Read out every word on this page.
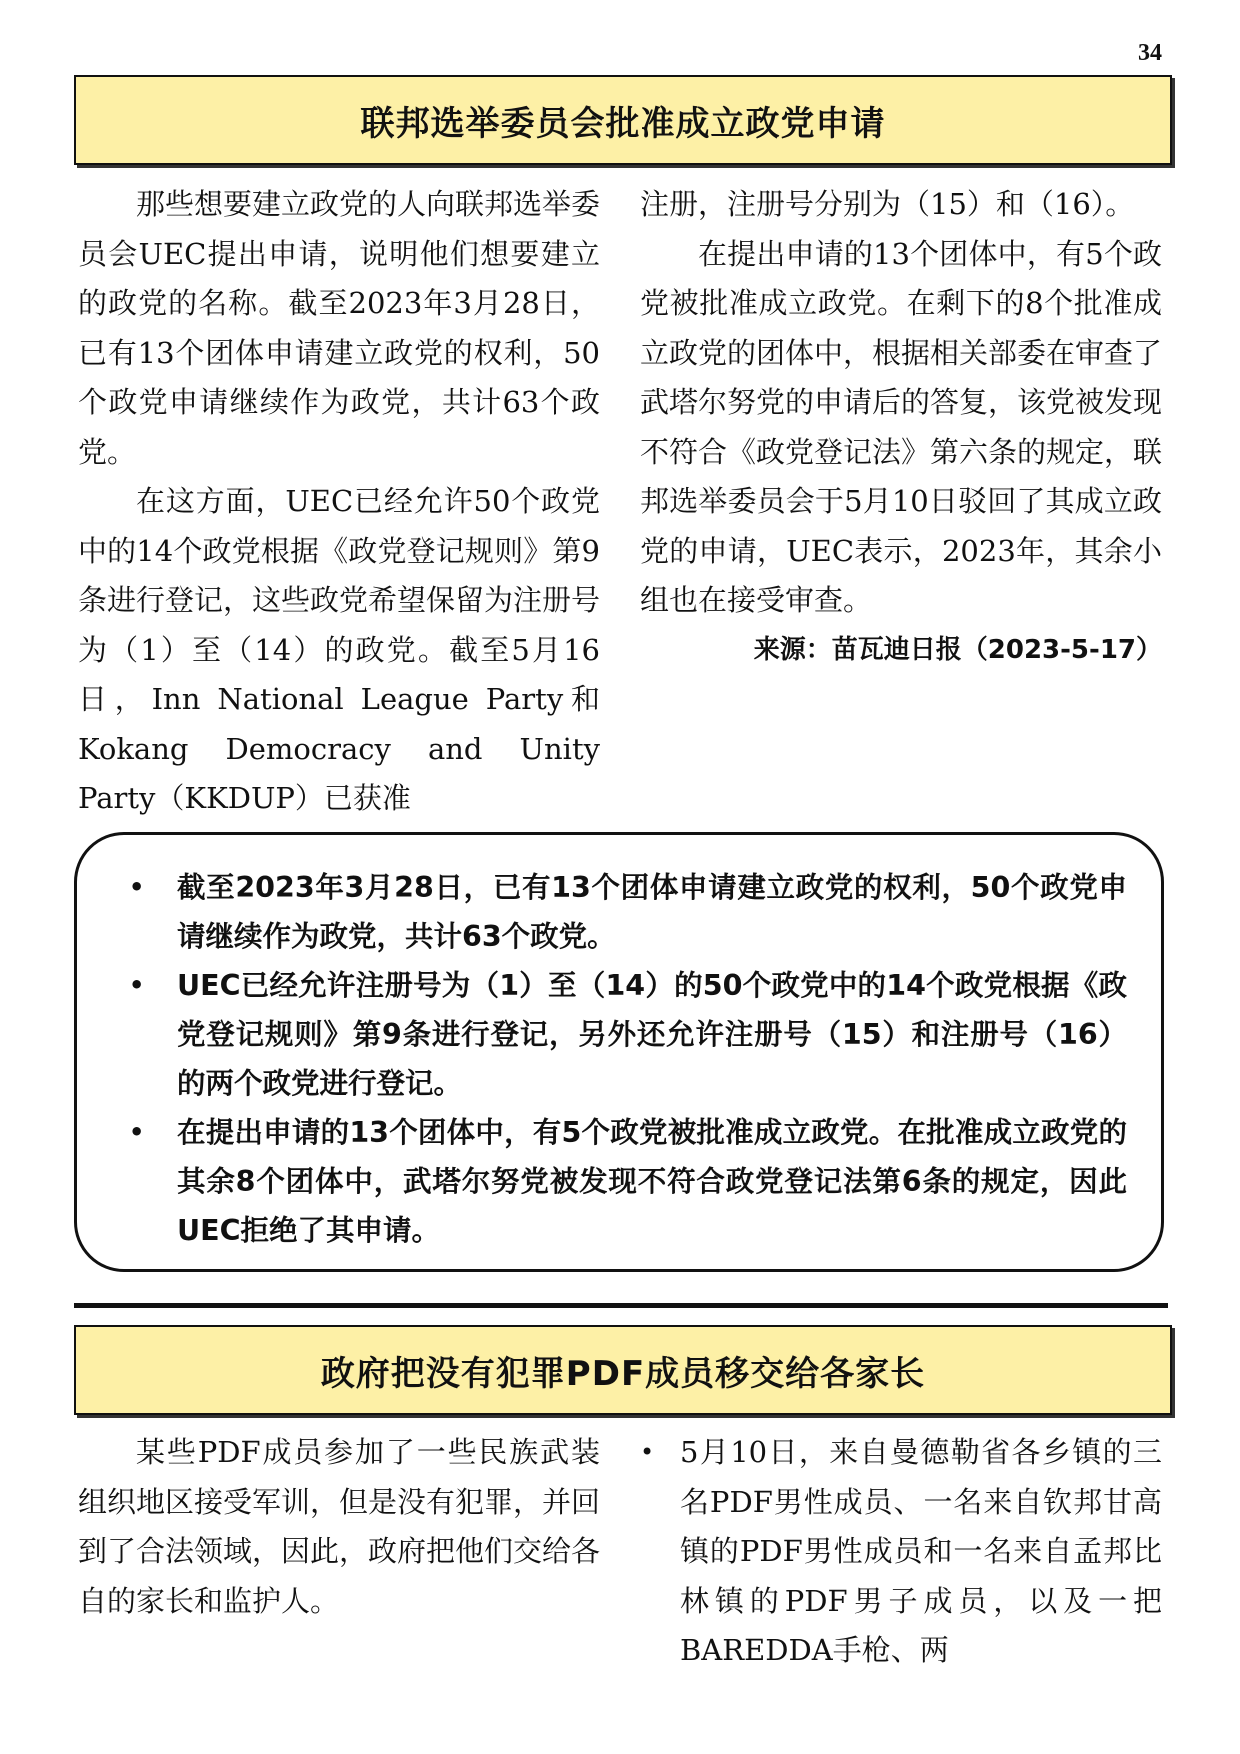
34
联邦选举委员会批准成立政党申请

那些想要建立政党的人向联邦选举委员会UEC提出申请，说明他们想要建立的政党的名称。截至2023年3月28日，已有13个团体申请建立政党的权利，50个政党申请继续作为政党，共计63个政党。

在这方面，UEC已经允许50个政党中的14个政党根据《政党登记规则》第9条进行登记，这些政党希望保留为注册号为（1）至（14）的政党。截至5月16日，Inn National League Party和Kokang Democracy and Unity Party（KKDUP）已获准

注册，注册号分别为（15）和（16）。

在提出申请的13个团体中，有5个政党被批准成立政党。在剩下的8个批准成立政党的团体中，根据相关部委在审查了武塔尔努党的申请后的答复，该党被发现不符合《政党登记法》第六条的规定，联邦选举委员会于5月10日驳回了其成立政党的申请，UEC表示，2023年，其余小组也在接受审查。

来源：苗瓦迪日报（2023-5-17）

• 截至2023年3月28日，已有13个团体申请建立政党的权利，50个政党申请继续作为政党，共计63个政党。
• UEC已经允许注册号为（1）至（14）的50个政党中的14个政党根据《政党登记规则》第9条进行登记，另外还允许注册号（15）和注册号（16）的两个政党进行登记。
• 在提出申请的13个团体中，有5个政党被批准成立政党。在批准成立政党的其余8个团体中，武塔尔努党被发现不符合政党登记法第6条的规定，因此UEC拒绝了其申请。
政府把没有犯罪PDF成员移交给各家长

某些PDF成员参加了一些民族武装组织地区接受军训，但是没有犯罪，并回到了合法领域，因此，政府把他们交给各自的家长和监护人。

• 5月10日，来自曼德勒省各乡镇的三名PDF男性成员、一名来自钦邦甘高镇的PDF男性成员和一名来自孟邦比林镇的PDF男子成员，以及一把BAREDDA手枪、两
